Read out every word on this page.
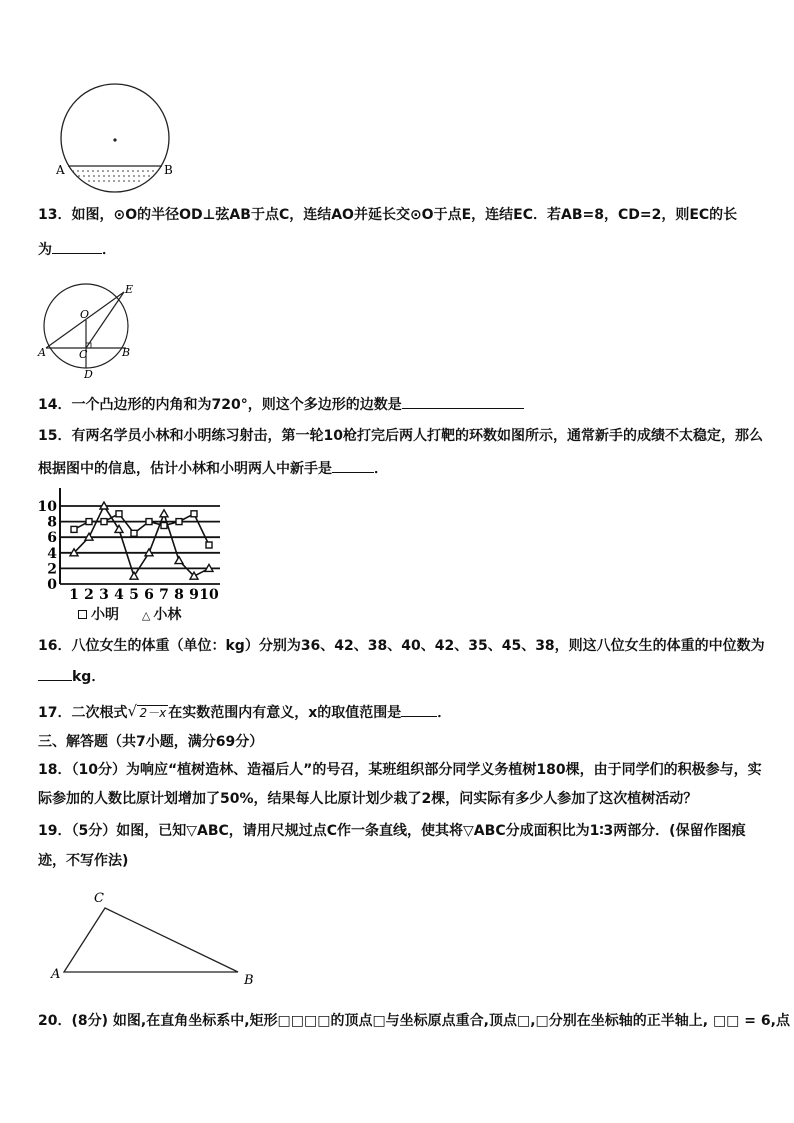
A	B
13．如图，⊙O的半径OD⊥弦AB于点C，连结AO并延长交⊙O于点E，连结EC．若AB=8，CD=2，则EC的长
为	．
E
O
A	C	B
D
14．一个凸边形的内角和为720°，则这个多边形的边数是
15．有两名学员小林和小明练习射击，第一轮10枪打完后两人打靶的环数如图所示，通常新手的成绩不太稳定，那么
根据图中的信息，估计小林和小明两人中新手是	．
0
2
4
6
8
10
1 2 3 4 5 6 7 8 9 10
小明 △ 小林
16．八位女生的体重（单位：kg）分别为36、42、38、40、42、35、45、38，则这八位女生的体重的中位数为
kg．
17．二次根式 √ 2－x 在实数范围内有意义，x的取值范围是	．
三、解答题（共7小题，满分69分）
18．（10分）为响应“植树造林、造福后人”的号召，某班组织部分同学义务植树180棵，由于同学们的积极参与，实
际参加的人数比原计划增加了50%，结果每人比原计划少栽了2棵，问实际有多少人参加了这次植树活动？
19．（5分）如图，已知▽ABC，请用尺规过点C作一条直线，使其将▽ABC分成面积比为1∶3两部分．(保留作图痕
迹，不写作法)
C
A	B
20．(8分) 如图,在直角坐标系中,矩形□□□□的顶点□与坐标原点重合,顶点□,□分别在坐标轴的正半轴上, □□ = 6,点
